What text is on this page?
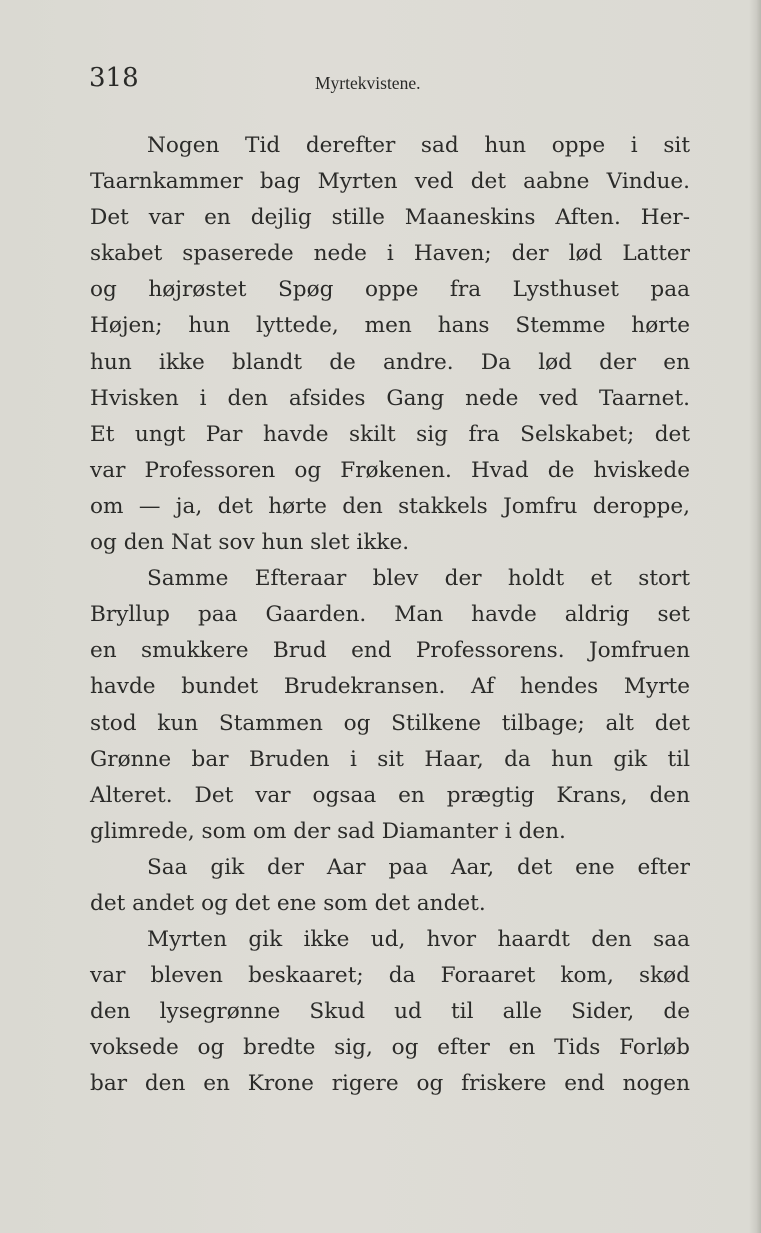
318	Myrtekvistene.
Nogen Tid derefter sad hun oppe i sit
Taarnkammer bag Myrten ved det aabne Vindue.
Det var en dejlig stille Maaneskins Aften. Her-
skabet spaserede nede i Haven; der lød Latter
og højrøstet Spøg oppe fra Lysthuset paa
Højen; hun lyttede, men hans Stemme hørte
hun ikke blandt de andre. Da lød der en
Hvisken i den afsides Gang nede ved Taarnet.
Et ungt Par havde skilt sig fra Selskabet; det
var Professoren og Frøkenen. Hvad de hviskede
om — ja, det hørte den stakkels Jomfru deroppe,
og den Nat sov hun slet ikke.
Samme Efteraar blev der holdt et stort
Bryllup paa Gaarden. Man havde aldrig set
en smukkere Brud end Professorens. Jomfruen
havde bundet Brudekransen. Af hendes Myrte
stod kun Stammen og Stilkene tilbage; alt det
Grønne bar Bruden i sit Haar, da hun gik til
Alteret. Det var ogsaa en prægtig Krans, den
glimrede, som om der sad Diamanter i den.
Saa gik der Aar paa Aar, det ene efter
det andet og det ene som det andet.
Myrten gik ikke ud, hvor haardt den saa
var bleven beskaaret; da Foraaret kom, skød
den lysegrønne Skud ud til alle Sider, de
voksede og bredte sig, og efter en Tids Forløb
bar den en Krone rigere og friskere end nogen
